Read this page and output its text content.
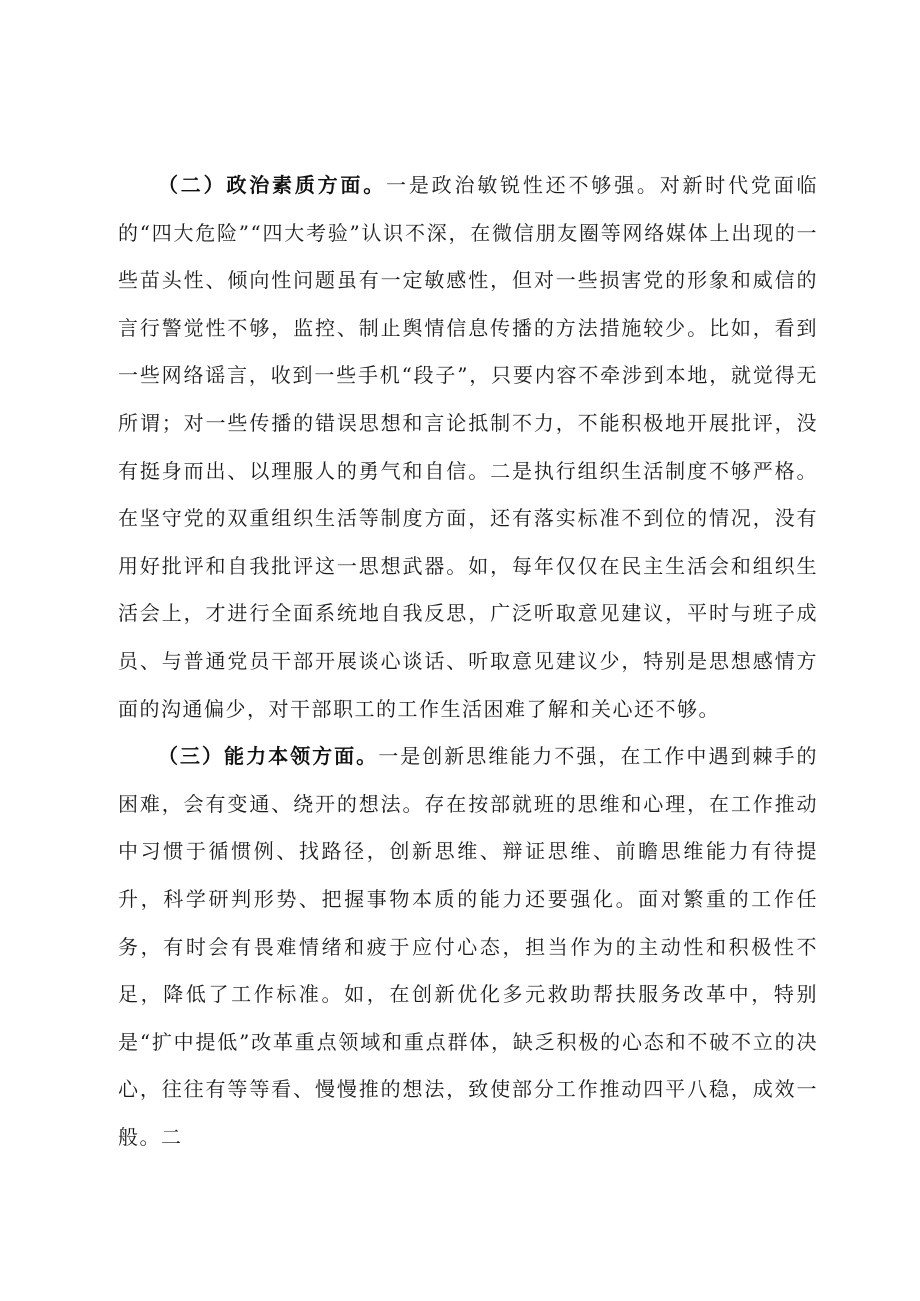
（二）政治素质方面。一是政治敏锐性还不够强。对新时代党面临的“四大危险”“四大考验”认识不深，在微信朋友圈等网络媒体上出现的一些苗头性、倾向性问题虽有一定敏感性，但对一些损害党的形象和威信的言行警觉性不够，监控、制止舆情信息传播的方法措施较少。比如，看到一些网络谣言，收到一些手机“段子”，只要内容不牵涉到本地，就觉得无所谓；对一些传播的错误思想和言论抵制不力，不能积极地开展批评，没有挺身而出、以理服人的勇气和自信。二是执行组织生活制度不够严格。在坚守党的双重组织生活等制度方面，还有落实标准不到位的情况，没有用好批评和自我批评这一思想武器。如，每年仅仅在民主生活会和组织生活会上，才进行全面系统地自我反思，广泛听取意见建议，平时与班子成员、与普通党员干部开展谈心谈话、听取意见建议少，特别是思想感情方面的沟通偏少，对干部职工的工作生活困难了解和关心还不够。

（三）能力本领方面。一是创新思维能力不强，在工作中遇到棘手的困难，会有变通、绕开的想法。存在按部就班的思维和心理，在工作推动中习惯于循惯例、找路径，创新思维、辩证思维、前瞻思维能力有待提升，科学研判形势、把握事物本质的能力还要强化。面对繁重的工作任务，有时会有畏难情绪和疲于应付心态，担当作为的主动性和积极性不足，降低了工作标准。如，在创新优化多元救助帮扶服务改革中，特别是“扩中提低”改革重点领域和重点群体，缺乏积极的心态和不破不立的决心，往往有等等看、慢慢推的想法，致使部分工作推动四平八稳，成效一般。二
